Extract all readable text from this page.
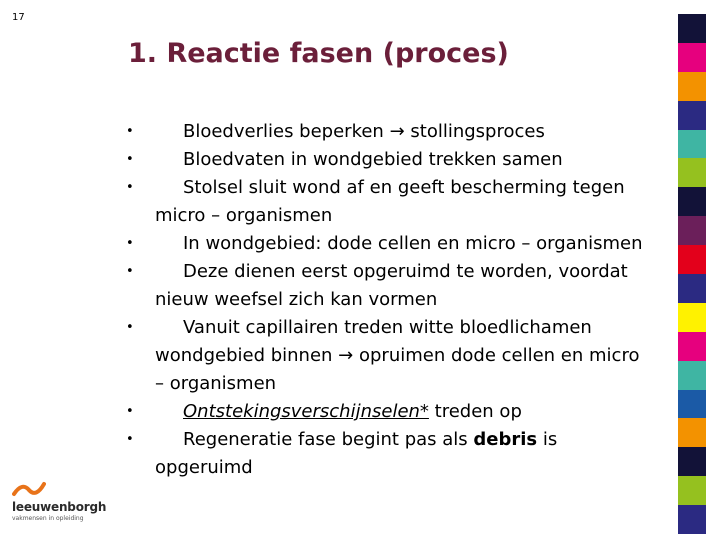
17
1. Reactie fasen (proces)
•	Bloedverlies beperken → stollingsproces
•	Bloedvaten in wondgebied trekken samen
•	Stolsel sluit wond af en geeft bescherming tegen micro – organismen
•	In wondgebied: dode cellen en micro – organismen
•	Deze dienen eerst opgeruimd te worden, voordat nieuw weefsel zich kan vormen
•	Vanuit capillairen treden witte bloedlichamen wondgebied binnen → opruimen dode cellen en micro – organismen
•	Ontstekingsverschijnselen* treden op
•	Regeneratie fase begint pas als debris is opgeruimd
leeuwenborgh
vakmensen in opleiding
